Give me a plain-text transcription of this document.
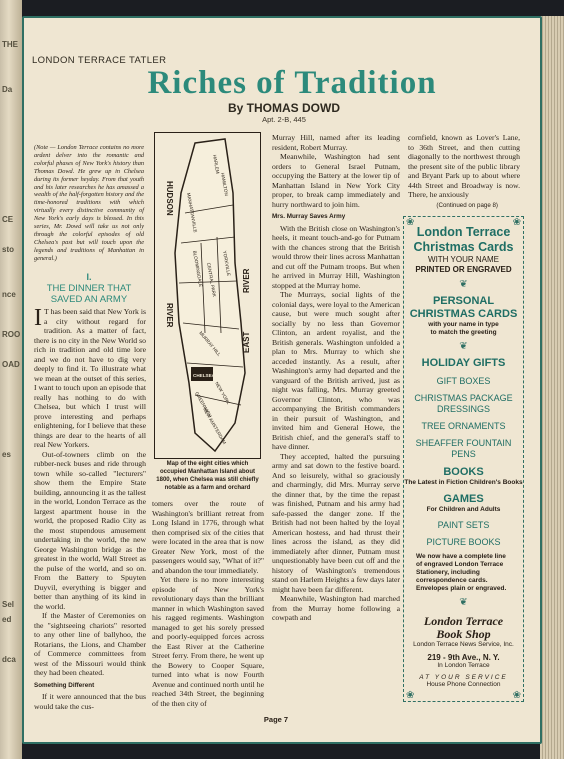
THE
Da
CE
sto
nce
ROO
OAD
es
Sel
ed
dca
LONDON TERRACE TATLER
Riches of Tradition
By THOMAS DOWD
Apt. 2-B, 445
(Note — London Terrace contains no more ardent delver into the romantic and colorful phases of New York's history than Thomas Dowd. He grew up in Chelsea during its former heyday. From that youth and his later researches he has amassed a wealth of the half-forgotten history and the time-honored traditions with which virtually every distinctive community of New York's early days is blessed. In this series, Mr. Dowd will take us not only through the colorful episodes of old Chelsea's past but will touch upon the legends and traditions of Manhattan in general.)
I.
THE DINNER THAT SAVED AN ARMY

I T has been said that New York is a city without regard for tradition. As a matter of fact, there is no city in the New World so rich in tradition and old time lore and we do not have to dig very deeply to find it. To illustrate what we mean at the outset of this series, I want to touch upon an episode that really has nothing to do with Chelsea, but which I trust will prove interesting and perhaps enlightening, for I believe that these things are dear to the hearts of all real New Yorkers.

Out-of-towners climb on the rubber-neck buses and ride through town while so-called "lecturers" show them the Empire State building, announcing it as the tallest in the world, London Terrace as the largest apartment house in the world, the proposed Radio City as the most stupendous amusement undertaking in the world, the new George Washington bridge as the greatest in the world, Wall Street as the pulse of the world, and so on. From the Battery to Spuyten Duyvil, everything is bigger and better than anything of its kind in the world.

If the Master of Ceremonies on the "sightseeing chariots" resorted to any other line of ballyhoo, the Rotarians, the Lions, and Chamber of Commerce committees from west of the Missouri would think they had been cheated.

Something Different

If it were announced that the bus would take the cus-

HUDSON
RIVER
EAST
RIVER
HARLEM
HAMILTON
MANHATTANVILLE
YORKVILLE
BLOOMINGDALE CENTRAL PARK
MURRAY HILL
CHELSEA
NEW YORK
GREENWICH
NEW AMSTERDAM
Map of the eight cities which occupied Manhattan Island about 1800, when Chelsea was still chiefly notable as a farm and orchard

tomers over the route of Washington's brilliant retreat from Long Island in 1776, through what then comprised six of the cities that were located in the area that is now Greater New York, most of the passengers would say, "What of it?" and abandon the tour immediately.

Yet there is no more interesting episode of New York's revolutionary days than the brilliant manner in which Washington saved his ragged regiments. Washington managed to get his sorely pressed and poorly-equipped forces across the East River at the Catherine Street ferry. From there, he went up the Bowery to Cooper Square, turned into what is now Fourth Avenue and continued north until he reached 34th Street, the beginning of the then city of

Murray Hill, named after its leading resident, Robert Murray.

Meanwhile, Washington had sent orders to General Israel Putnam, occupying the Battery at the lower tip of Manhattan Island in New York City proper, to break camp immediately and hurry northward to join him.

Mrs. Murray Saves Army

With the British close on Washington's heels, it meant touch-and-go for Putnam with the chances strong that the British would throw their lines across Manhattan and cut off the Putnam troops. But when he arrived in Murray Hill, Washington stopped at the Murray home.

The Murrays, social lights of the colonial days, were loyal to the American cause, but were much sought after socially by no less than Governor Clinton, an ardent royalist, and the British generals. Washington unfolded a plan to Mrs. Murray to which she acceded instantly. As a result, after Washington's army had departed and the vanguard of the British arrived, just as night was falling, Mrs. Murray greeted Governor Clinton, who was accompanying the British commanders in their pursuit of Washington, and invited him and General Howe, the British chief, and the general's staff to have dinner.

They accepted, halted the pursuing army and sat down to the festive board. And so leisurely, withal so graciously and charmingly, did Mrs. Murray serve the dinner that, by the time the repast was finished, Putnam and his army had safe-passed the danger zone. If the British had not been halted by the loyal American hostess, and had thrust their lines across the island, as they did immediately after dinner, Putnam must unquestionably have been cut off and the history of Washington's tremendous stand on Harlem Heights a few days later might have been far different.

Meanwhile, Washington had marched from the Murray home following a cowpath and

cornfield, known as Lover's Lane, to 36th Street, and then cutting diagonally to the northwest through the present site of the public library and Bryant Park up to about where 44th Street and Broadway is now. There, he anxiously

(Continued on page 8)
❀	❀
❀	❀
London Terrace
Christmas Cards
WITH YOUR NAME
PRINTED OR ENGRAVED
❦
PERSONAL
CHRISTMAS CARDS
with your name in type
to match the greeting
❦
HOLIDAY GIFTS
GIFT BOXES
CHRISTMAS PACKAGE DRESSINGS
TREE ORNAMENTS
SHEAFFER FOUNTAIN PENS
BOOKS
The Latest in Fiction Children's Books
GAMES
For Children and Adults
PAINT SETS
PICTURE BOOKS
We now have a complete line of engraved London Terrace Stationery, including correspondence cards. Envelopes plain or engraved.
❦
London Terrace
Book Shop
London Terrace News Service, Inc.
219 - 9th Ave., N. Y.
In London Terrace
AT YOUR SERVICE
House Phone Connection
Page 7
